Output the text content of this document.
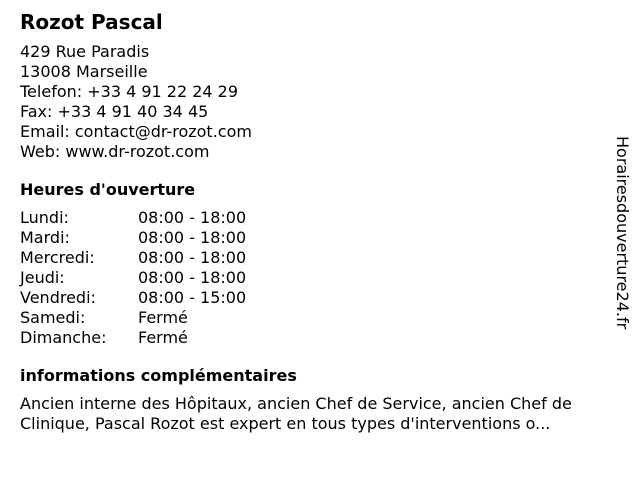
Rozot Pascal
429 Rue Paradis
13008 Marseille
Telefon: +33 4 91 22 24 29
Fax: +33 4 91 40 34 45
Email: contact@dr-rozot.com
Web: www.dr-rozot.com
Heures d'ouverture
Lundi:	08:00 - 18:00
Mardi:	08:00 - 18:00
Mercredi:	08:00 - 18:00
Jeudi:	08:00 - 18:00
Vendredi:	08:00 - 15:00
Samedi:	Fermé
Dimanche:	Fermé
informations complémentaires
Ancien interne des Hôpitaux, ancien Chef de Service, ancien Chef de Clinique, Pascal Rozot est expert en tous types d'interventions o...
Horairesdouverture24.fr
